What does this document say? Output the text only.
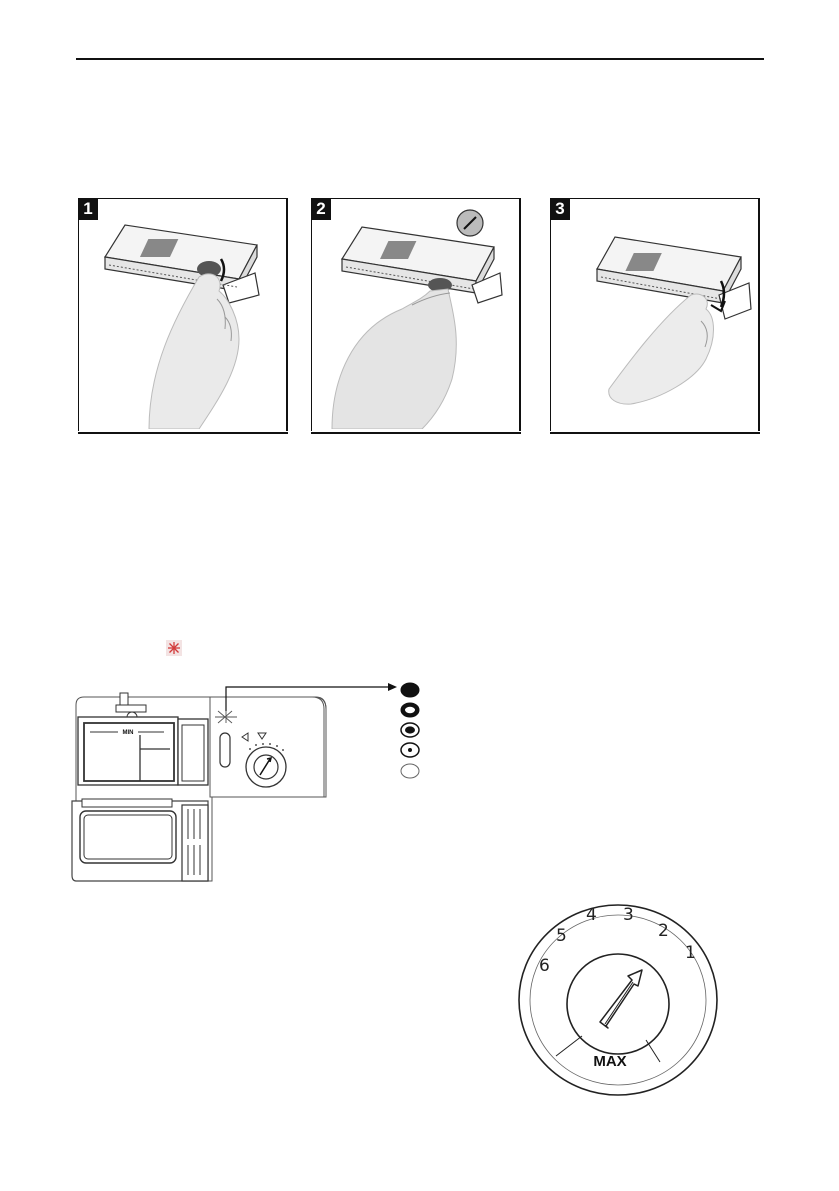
1	2	3
MIN
6
5
4 3
2
1
MAX
